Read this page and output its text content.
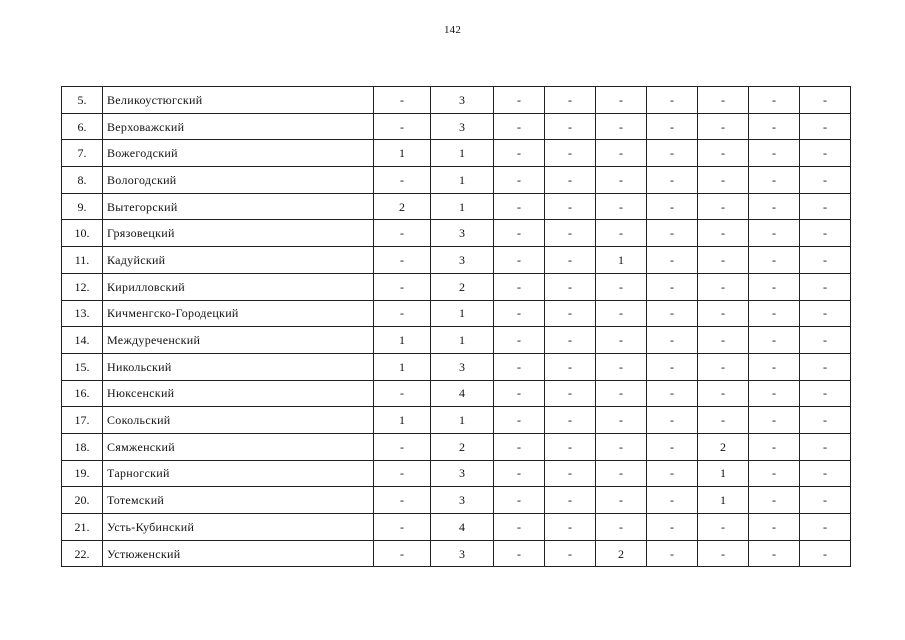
142
5.	Великоустюгский	-	3	-	-	-	-	-	-	-
6.	Верховажский	-	3	-	-	-	-	-	-	-
7.	Вожегодский	1	1	-	-	-	-	-	-	-
8.	Вологодский	-	1	-	-	-	-	-	-	-
9.	Вытегорский	2	1	-	-	-	-	-	-	-
10.	Грязовецкий	-	3	-	-	-	-	-	-	-
11.	Кадуйский	-	3	-	-	1	-	-	-	-
12.	Кирилловский	-	2	-	-	-	-	-	-	-
13.	Кичменгско-Городецкий	-	1	-	-	-	-	-	-	-
14.	Междуреченский	1	1	-	-	-	-	-	-	-
15.	Никольский	1	3	-	-	-	-	-	-	-
16.	Нюксенский	-	4	-	-	-	-	-	-	-
17.	Сокольский	1	1	-	-	-	-	-	-	-
18.	Сямженский	-	2	-	-	-	-	2	-	-
19.	Тарногский	-	3	-	-	-	-	1	-	-
20.	Тотемский	-	3	-	-	-	-	1	-	-
21.	Усть-Кубинский	-	4	-	-	-	-	-	-	-
22.	Устюженский	-	3	-	-	2	-	-	-	-
